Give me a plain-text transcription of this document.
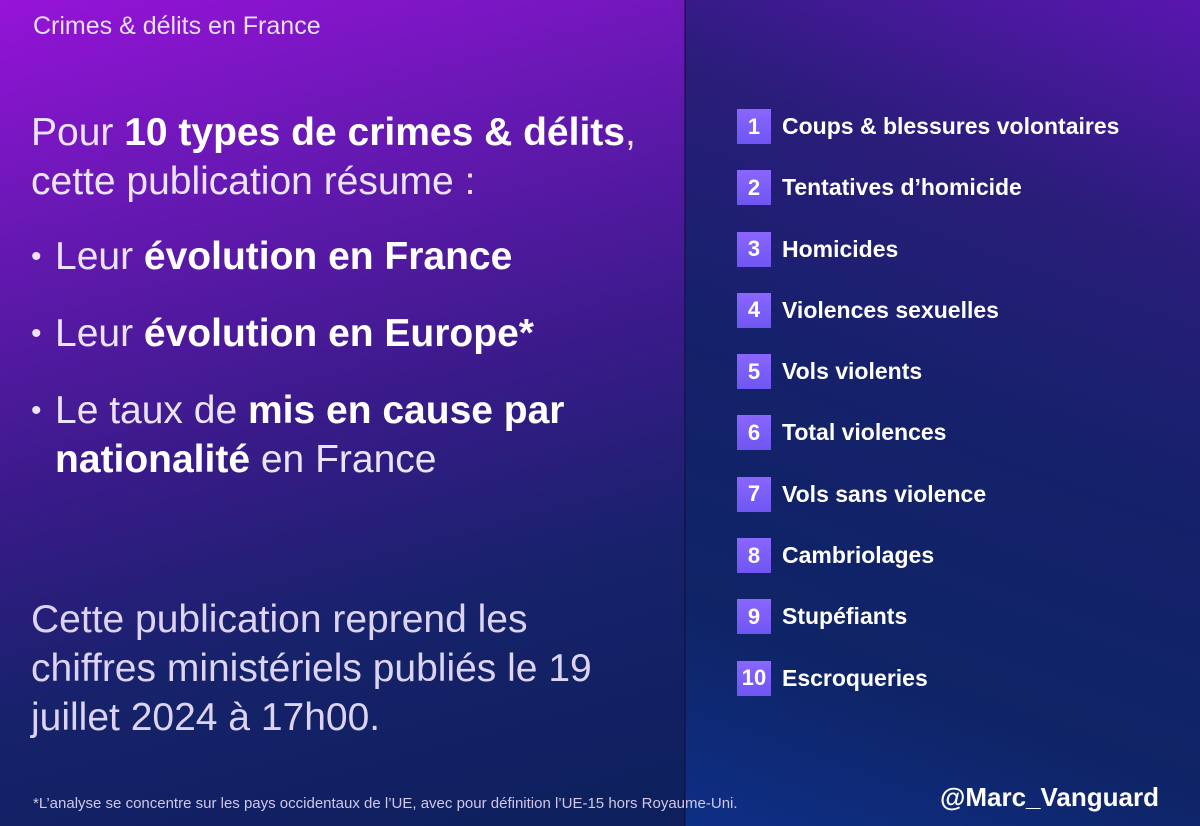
Crimes & délits en France
Pour 10 types de crimes & délits,
cette publication résume :
• Leur évolution en France
• Leur évolution en Europe*
• Le taux de mis en cause par nationalité en France
Cette publication reprend les chiffres ministériels publiés le 19 juillet 2024 à 17h00.
1 Coups & blessures volontaires
2 Tentatives d’homicide
3 Homicides
4 Violences sexuelles
5 Vols violents
6 Total violences
7 Vols sans violence
8 Cambriolages
9 Stupéfiants
10 Escroqueries
*L’analyse se concentre sur les pays occidentaux de l’UE, avec pour définition l’UE-15 hors Royaume-Uni.	@Marc_Vanguard
